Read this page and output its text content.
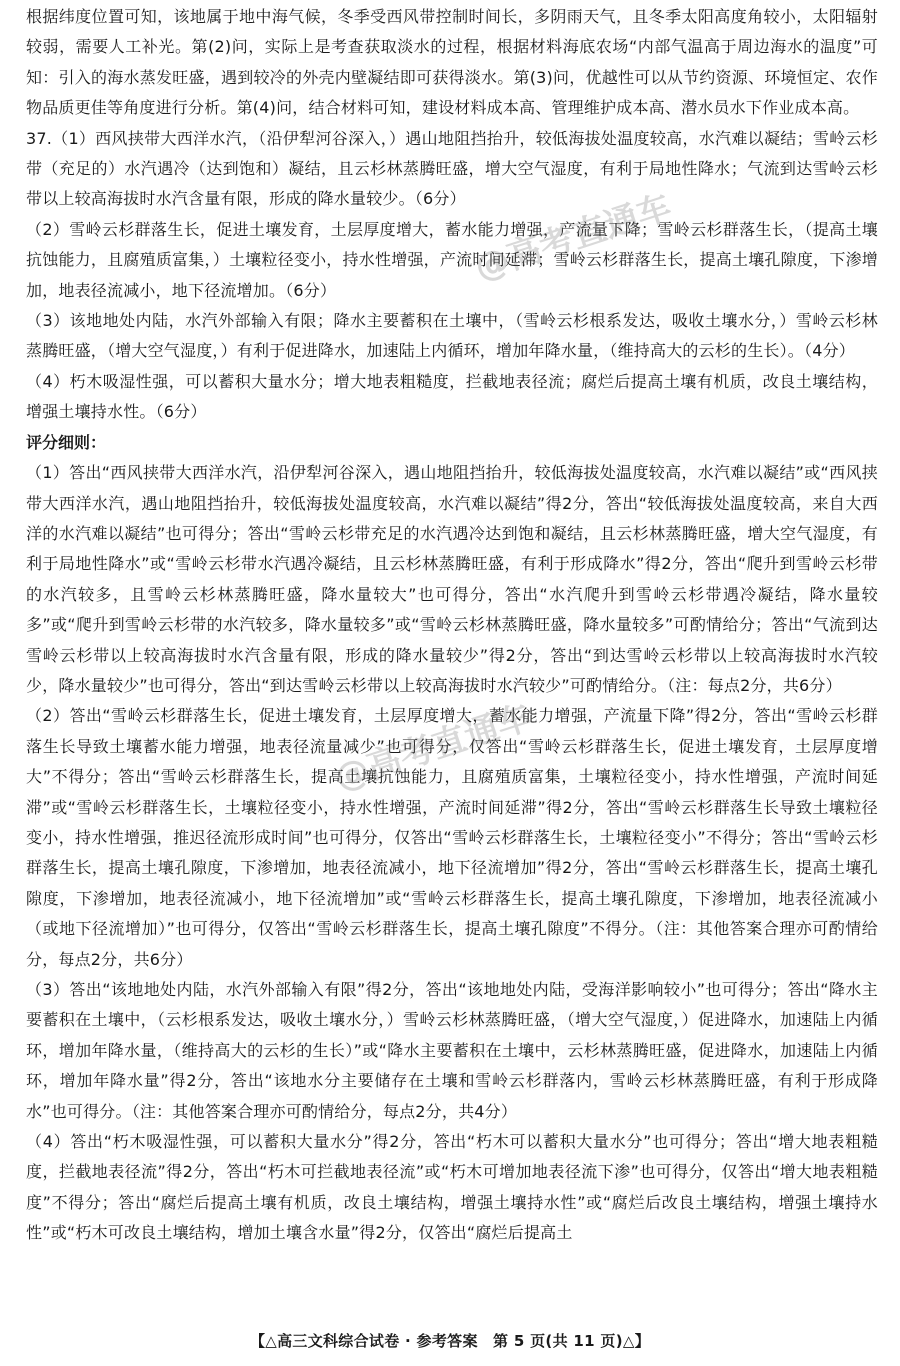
根据纬度位置可知，该地属于地中海气候，冬季受西风带控制时间长，多阴雨天气，且冬季太阳高度角较小，太阳辐射较弱，需要人工补光。第(2)问，实际上是考查获取淡水的过程，根据材料海底农场“内部气温高于周边海水的温度”可知：引入的海水蒸发旺盛，遇到较冷的外壳内壁凝结即可获得淡水。第(3)问，优越性可以从节约资源、环境恒定、农作物品质更佳等角度进行分析。第(4)问，结合材料可知，建设材料成本高、管理维护成本高、潜水员水下作业成本高。

37.（1）西风挟带大西洋水汽，（沿伊犁河谷深入，）遇山地阻挡抬升，较低海拔处温度较高，水汽难以凝结；雪岭云杉带（充足的）水汽遇冷（达到饱和）凝结，且云杉林蒸腾旺盛，增大空气湿度，有利于局地性降水；气流到达雪岭云杉带以上较高海拔时水汽含量有限，形成的降水量较少。（6分）

（2）雪岭云杉群落生长，促进土壤发育，土层厚度增大，蓄水能力增强，产流量下降；雪岭云杉群落生长，（提高土壤抗蚀能力，且腐殖质富集，）土壤粒径变小，持水性增强，产流时间延滞；雪岭云杉群落生长，提高土壤孔隙度，下渗增加，地表径流减小，地下径流增加。（6分）

（3）该地地处内陆，水汽外部输入有限；降水主要蓄积在土壤中，（雪岭云杉根系发达，吸收土壤水分，）雪岭云杉林蒸腾旺盛，（增大空气湿度，）有利于促进降水，加速陆上内循环，增加年降水量，（维持高大的云杉的生长）。（4分）

（4）朽木吸湿性强，可以蓄积大量水分；增大地表粗糙度，拦截地表径流；腐烂后提高土壤有机质，改良土壤结构，增强土壤持水性。（6分）

评分细则：

（1）答出“西风挟带大西洋水汽，沿伊犁河谷深入，遇山地阻挡抬升，较低海拔处温度较高，水汽难以凝结”或“西风挟带大西洋水汽，遇山地阻挡抬升，较低海拔处温度较高，水汽难以凝结”得2分，答出“较低海拔处温度较高，来自大西洋的水汽难以凝结”也可得分；答出“雪岭云杉带充足的水汽遇冷达到饱和凝结，且云杉林蒸腾旺盛，增大空气湿度，有利于局地性降水”或“雪岭云杉带水汽遇冷凝结，且云杉林蒸腾旺盛，有利于形成降水”得2分，答出“爬升到雪岭云杉带的水汽较多，且雪岭云杉林蒸腾旺盛，降水量较大”也可得分，答出“水汽爬升到雪岭云杉带遇冷凝结，降水量较多”或“爬升到雪岭云杉带的水汽较多，降水量较多”或“雪岭云杉林蒸腾旺盛，降水量较多”可酌情给分；答出“气流到达雪岭云杉带以上较高海拔时水汽含量有限，形成的降水量较少”得2分，答出“到达雪岭云杉带以上较高海拔时水汽较少，降水量较少”也可得分，答出“到达雪岭云杉带以上较高海拔时水汽较少”可酌情给分。（注：每点2分，共6分）

（2）答出“雪岭云杉群落生长，促进土壤发育，土层厚度增大，蓄水能力增强，产流量下降”得2分，答出“雪岭云杉群落生长导致土壤蓄水能力增强，地表径流量减少”也可得分，仅答出“雪岭云杉群落生长，促进土壤发育，土层厚度增大”不得分；答出“雪岭云杉群落生长，提高土壤抗蚀能力，且腐殖质富集，土壤粒径变小，持水性增强，产流时间延滞”或“雪岭云杉群落生长，土壤粒径变小，持水性增强，产流时间延滞”得2分，答出“雪岭云杉群落生长导致土壤粒径变小，持水性增强，推迟径流形成时间”也可得分，仅答出“雪岭云杉群落生长，土壤粒径变小”不得分；答出“雪岭云杉群落生长，提高土壤孔隙度，下渗增加，地表径流减小，地下径流增加”得2分，答出“雪岭云杉群落生长，提高土壤孔隙度，下渗增加，地表径流减小，地下径流增加”或“雪岭云杉群落生长，提高土壤孔隙度，下渗增加，地表径流减小（或地下径流增加）”也可得分，仅答出“雪岭云杉群落生长，提高土壤孔隙度”不得分。（注：其他答案合理亦可酌情给分，每点2分，共6分）

（3）答出“该地地处内陆，水汽外部输入有限”得2分，答出“该地地处内陆，受海洋影响较小”也可得分；答出“降水主要蓄积在土壤中，（云杉根系发达，吸收土壤水分，）雪岭云杉林蒸腾旺盛，（增大空气湿度，）促进降水，加速陆上内循环，增加年降水量，（维持高大的云杉的生长）”或“降水主要蓄积在土壤中，云杉林蒸腾旺盛，促进降水，加速陆上内循环，增加年降水量”得2分，答出“该地水分主要储存在土壤和雪岭云杉群落内，雪岭云杉林蒸腾旺盛，有利于形成降水”也可得分。（注：其他答案合理亦可酌情给分，每点2分，共4分）

（4）答出“朽木吸湿性强，可以蓄积大量水分”得2分，答出“朽木可以蓄积大量水分”也可得分；答出“增大地表粗糙度，拦截地表径流”得2分，答出“朽木可拦截地表径流”或“朽木可增加地表径流下渗”也可得分，仅答出“增大地表粗糙度”不得分；答出“腐烂后提高土壤有机质，改良土壤结构，增强土壤持水性”或“腐烂后改良土壤结构，增强土壤持水性”或“朽木可改良土壤结构，增加土壤含水量”得2分，仅答出“腐烂后提高土

@高考直通车
@高考直通车
【△高三文科综合试卷 · 参考答案　第 5 页(共 11 页)△】
